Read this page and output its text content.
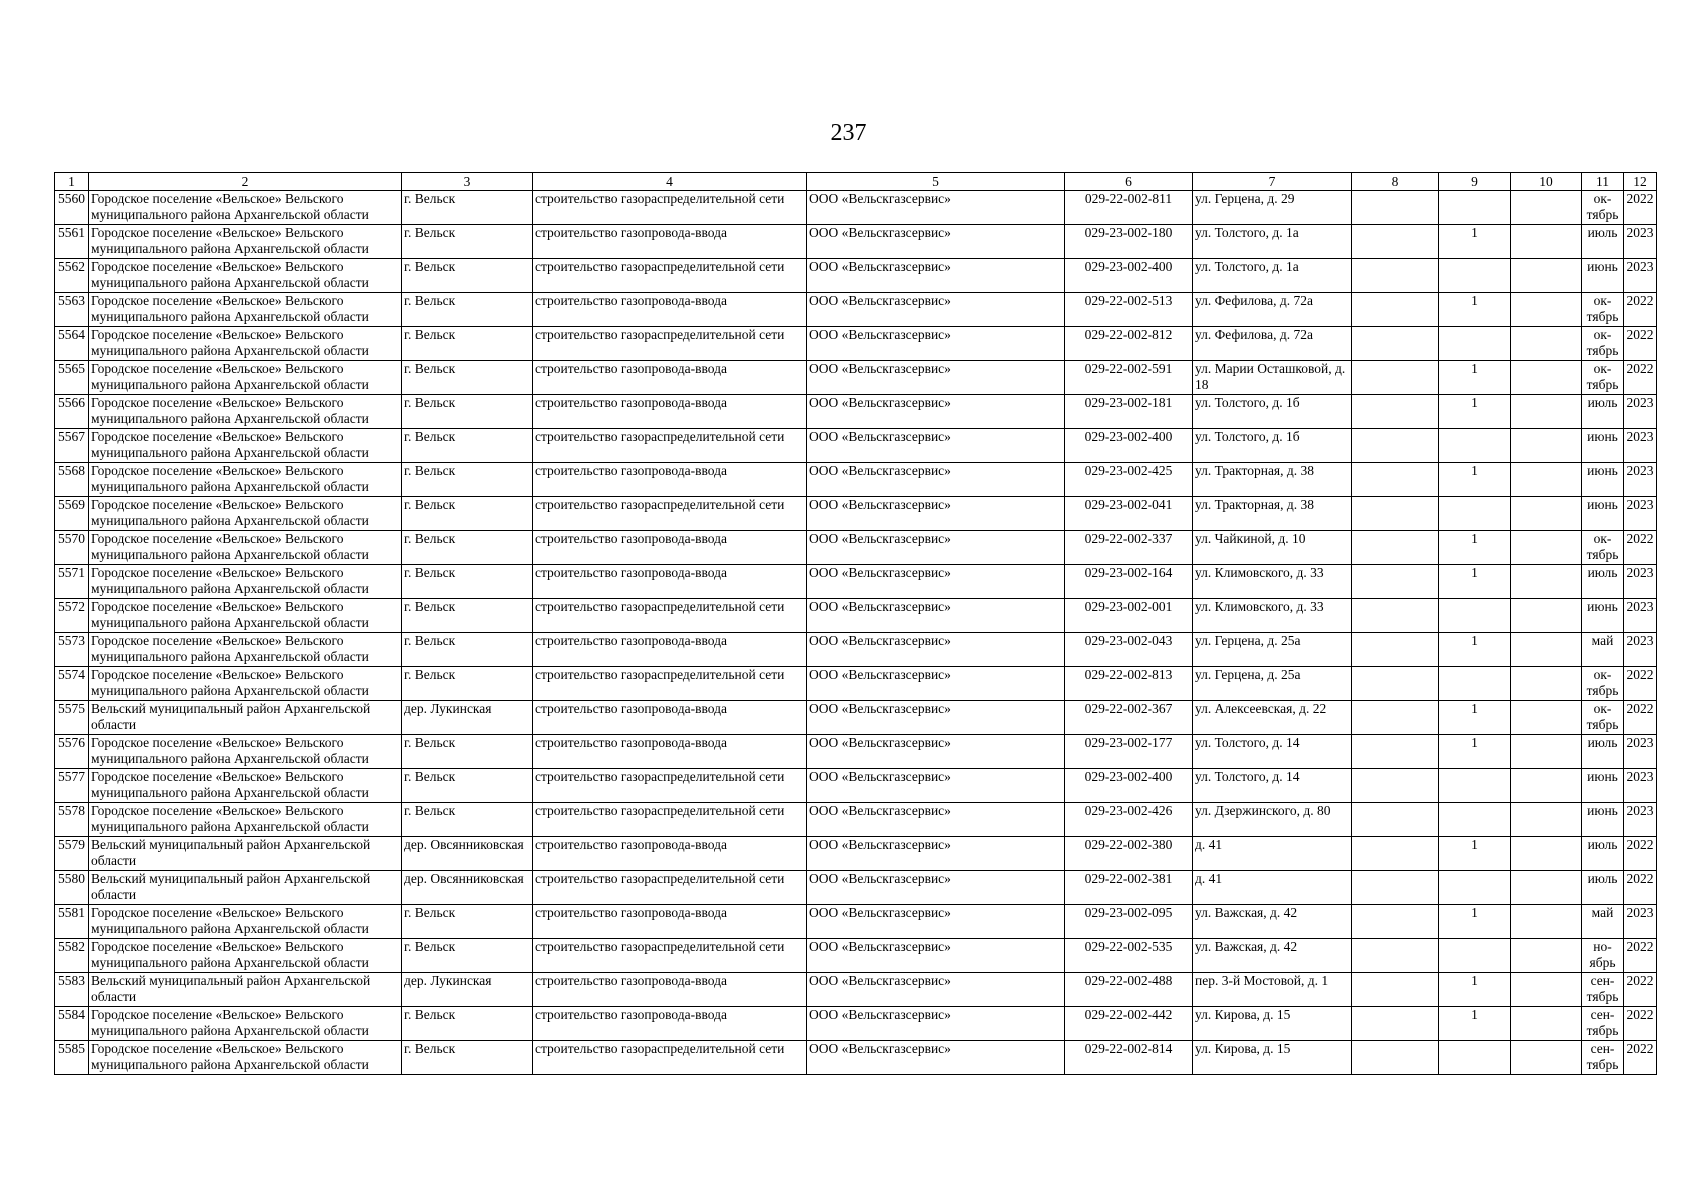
237
1	2	3	4	5	6	7	8	9	10	11	12
5560	Городское поселение «Вельское» Вельского муниципального района Архангельской области	г. Вельск	строительство газораспределительной сети	ООО «Вельскгазсервис»	029-22-002-811	ул. Герцена, д. 29				ок-тябрь	2022
5561	Городское поселение «Вельское» Вельского муниципального района Архангельской области	г. Вельск	строительство газопровода-ввода	ООО «Вельскгазсервис»	029-23-002-180	ул. Толстого, д. 1а		1		июль	2023
5562	Городское поселение «Вельское» Вельского муниципального района Архангельской области	г. Вельск	строительство газораспределительной сети	ООО «Вельскгазсервис»	029-23-002-400	ул. Толстого, д. 1а				июнь	2023
5563	Городское поселение «Вельское» Вельского муниципального района Архангельской области	г. Вельск	строительство газопровода-ввода	ООО «Вельскгазсервис»	029-22-002-513	ул. Фефилова, д. 72а		1		ок-тябрь	2022
5564	Городское поселение «Вельское» Вельского муниципального района Архангельской области	г. Вельск	строительство газораспределительной сети	ООО «Вельскгазсервис»	029-22-002-812	ул. Фефилова, д. 72а				ок-тябрь	2022
5565	Городское поселение «Вельское» Вельского муниципального района Архангельской области	г. Вельск	строительство газопровода-ввода	ООО «Вельскгазсервис»	029-22-002-591	ул. Марии Осташковой, д. 18		1		ок-тябрь	2022
5566	Городское поселение «Вельское» Вельского муниципального района Архангельской области	г. Вельск	строительство газопровода-ввода	ООО «Вельскгазсервис»	029-23-002-181	ул. Толстого, д. 1б		1		июль	2023
5567	Городское поселение «Вельское» Вельского муниципального района Архангельской области	г. Вельск	строительство газораспределительной сети	ООО «Вельскгазсервис»	029-23-002-400	ул. Толстого, д. 1б				июнь	2023
5568	Городское поселение «Вельское» Вельского муниципального района Архангельской области	г. Вельск	строительство газопровода-ввода	ООО «Вельскгазсервис»	029-23-002-425	ул. Тракторная, д. 38		1		июнь	2023
5569	Городское поселение «Вельское» Вельского муниципального района Архангельской области	г. Вельск	строительство газораспределительной сети	ООО «Вельскгазсервис»	029-23-002-041	ул. Тракторная, д. 38				июнь	2023
5570	Городское поселение «Вельское» Вельского муниципального района Архангельской области	г. Вельск	строительство газопровода-ввода	ООО «Вельскгазсервис»	029-22-002-337	ул. Чайкиной, д. 10		1		ок-тябрь	2022
5571	Городское поселение «Вельское» Вельского муниципального района Архангельской области	г. Вельск	строительство газопровода-ввода	ООО «Вельскгазсервис»	029-23-002-164	ул. Климовского, д. 33		1		июль	2023
5572	Городское поселение «Вельское» Вельского муниципального района Архангельской области	г. Вельск	строительство газораспределительной сети	ООО «Вельскгазсервис»	029-23-002-001	ул. Климовского, д. 33				июнь	2023
5573	Городское поселение «Вельское» Вельского муниципального района Архангельской области	г. Вельск	строительство газопровода-ввода	ООО «Вельскгазсервис»	029-23-002-043	ул. Герцена, д. 25а		1		май	2023
5574	Городское поселение «Вельское» Вельского муниципального района Архангельской области	г. Вельск	строительство газораспределительной сети	ООО «Вельскгазсервис»	029-22-002-813	ул. Герцена, д. 25а				ок-тябрь	2022
5575	Вельский муниципальный район Архангельской области	дер. Лукинская	строительство газопровода-ввода	ООО «Вельскгазсервис»	029-22-002-367	ул. Алексеевская, д. 22		1		ок-тябрь	2022
5576	Городское поселение «Вельское» Вельского муниципального района Архангельской области	г. Вельск	строительство газопровода-ввода	ООО «Вельскгазсервис»	029-23-002-177	ул. Толстого, д. 14		1		июль	2023
5577	Городское поселение «Вельское» Вельского муниципального района Архангельской области	г. Вельск	строительство газораспределительной сети	ООО «Вельскгазсервис»	029-23-002-400	ул. Толстого, д. 14				июнь	2023
5578	Городское поселение «Вельское» Вельского муниципального района Архангельской области	г. Вельск	строительство газораспределительной сети	ООО «Вельскгазсервис»	029-23-002-426	ул. Дзержинского, д. 80				июнь	2023
5579	Вельский муниципальный район Архангельской области	дер. Овсянниковская	строительство газопровода-ввода	ООО «Вельскгазсервис»	029-22-002-380	д. 41		1		июль	2022
5580	Вельский муниципальный район Архангельской области	дер. Овсянниковская	строительство газораспределительной сети	ООО «Вельскгазсервис»	029-22-002-381	д. 41				июль	2022
5581	Городское поселение «Вельское» Вельского муниципального района Архангельской области	г. Вельск	строительство газопровода-ввода	ООО «Вельскгазсервис»	029-23-002-095	ул. Важская, д. 42		1		май	2023
5582	Городское поселение «Вельское» Вельского муниципального района Архангельской области	г. Вельск	строительство газораспределительной сети	ООО «Вельскгазсервис»	029-22-002-535	ул. Важская, д. 42				но-ябрь	2022
5583	Вельский муниципальный район Архангельской области	дер. Лукинская	строительство газопровода-ввода	ООО «Вельскгазсервис»	029-22-002-488	пер. 3-й Мостовой, д. 1		1		сен-тябрь	2022
5584	Городское поселение «Вельское» Вельского муниципального района Архангельской области	г. Вельск	строительство газопровода-ввода	ООО «Вельскгазсервис»	029-22-002-442	ул. Кирова, д. 15		1		сен-тябрь	2022
5585	Городское поселение «Вельское» Вельского муниципального района Архангельской области	г. Вельск	строительство газораспределительной сети	ООО «Вельскгазсервис»	029-22-002-814	ул. Кирова, д. 15				сен-тябрь	2022
